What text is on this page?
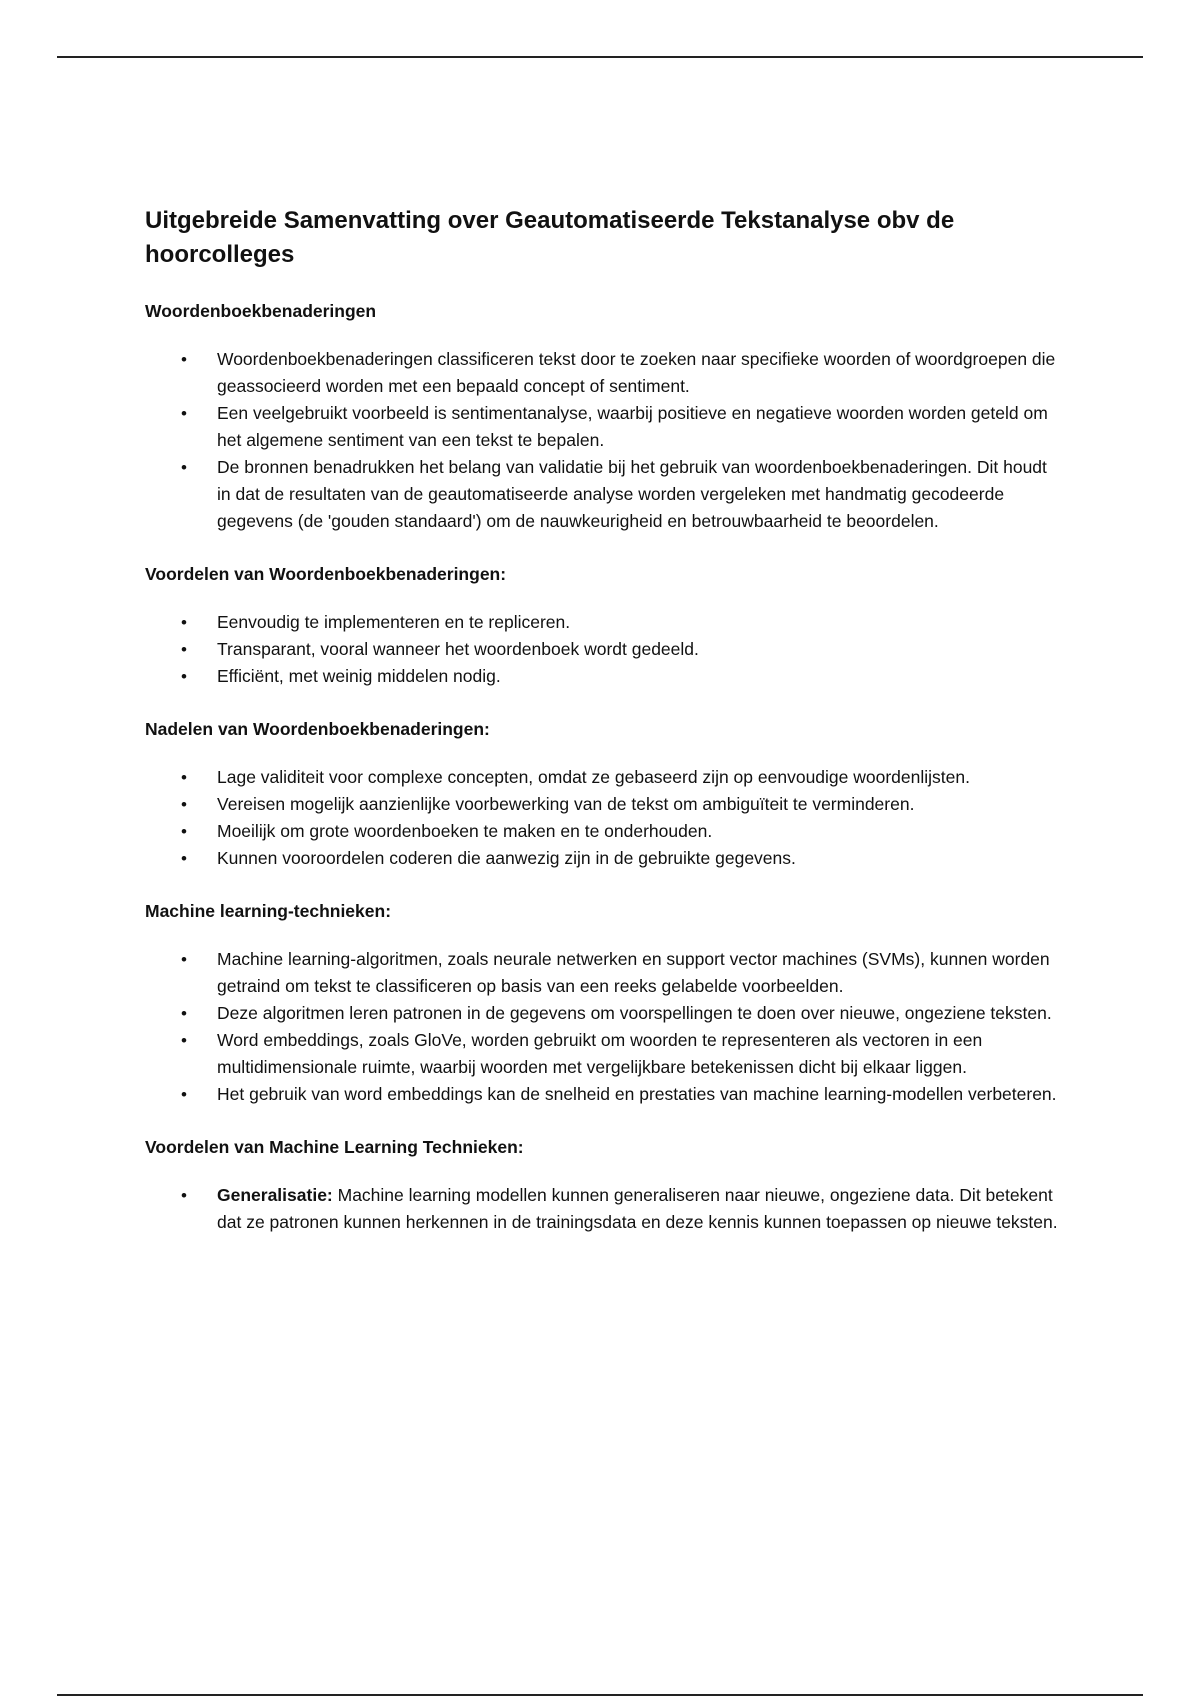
Uitgebreide Samenvatting over Geautomatiseerde Tekstanalyse obv de hoorcolleges
Woordenboekbenaderingen
• Woordenboekbenaderingen classificeren tekst door te zoeken naar specifieke woorden of woordgroepen die geassocieerd worden met een bepaald concept of sentiment.
• Een veelgebruikt voorbeeld is sentimentanalyse, waarbij positieve en negatieve woorden worden geteld om het algemene sentiment van een tekst te bepalen.
• De bronnen benadrukken het belang van validatie bij het gebruik van woordenboekbenaderingen. Dit houdt in dat de resultaten van de geautomatiseerde analyse worden vergeleken met handmatig gecodeerde gegevens (de 'gouden standaard') om de nauwkeurigheid en betrouwbaarheid te beoordelen.
Voordelen van Woordenboekbenaderingen:
• Eenvoudig te implementeren en te repliceren.
• Transparant, vooral wanneer het woordenboek wordt gedeeld.
• Efficiënt, met weinig middelen nodig.
Nadelen van Woordenboekbenaderingen:
• Lage validiteit voor complexe concepten, omdat ze gebaseerd zijn op eenvoudige woordenlijsten.
• Vereisen mogelijk aanzienlijke voorbewerking van de tekst om ambiguïteit te verminderen.
• Moeilijk om grote woordenboeken te maken en te onderhouden.
• Kunnen vooroordelen coderen die aanwezig zijn in de gebruikte gegevens.
Machine learning-technieken:
• Machine learning-algoritmen, zoals neurale netwerken en support vector machines (SVMs), kunnen worden getraind om tekst te classificeren op basis van een reeks gelabelde voorbeelden.
• Deze algoritmen leren patronen in de gegevens om voorspellingen te doen over nieuwe, ongeziene teksten.
• Word embeddings, zoals GloVe, worden gebruikt om woorden te representeren als vectoren in een multidimensionale ruimte, waarbij woorden met vergelijkbare betekenissen dicht bij elkaar liggen.
• Het gebruik van word embeddings kan de snelheid en prestaties van machine learning-modellen verbeteren.
Voordelen van Machine Learning Technieken:
• Generalisatie: Machine learning modellen kunnen generaliseren naar nieuwe, ongeziene data. Dit betekent dat ze patronen kunnen herkennen in de trainingsdata en deze kennis kunnen toepassen op nieuwe teksten.
